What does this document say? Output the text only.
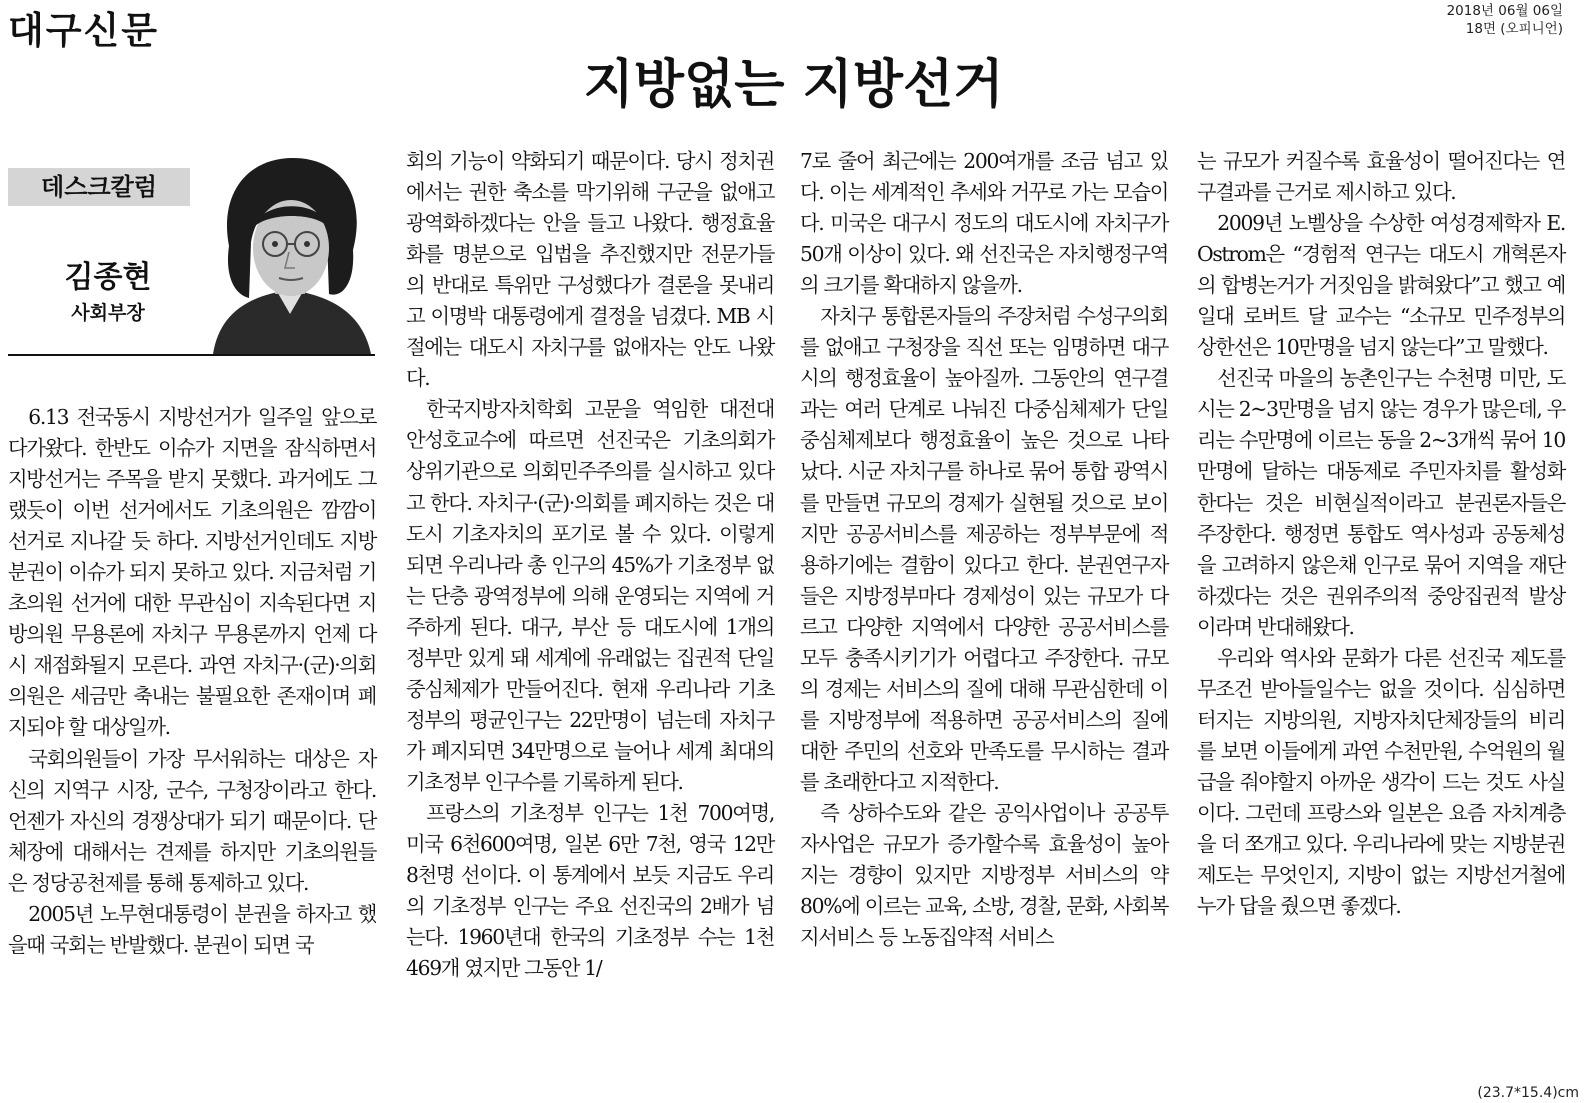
대구신문	2018년 06월 06일
18면 (오피니언)
지방없는 지방선거
데스크칼럼
김종현
사회부장

6.13 전국동시 지방선거가 일주일 앞으로 다가왔다. 한반도 이슈가 지면을 잠식하면서 지방선거는 주목을 받지 못했다. 과거에도 그랬듯이 이번 선거에서도 기초의원은 깜깜이 선거로 지나갈 듯 하다. 지방선거인데도 지방분권이 이슈가 되지 못하고 있다. 지금처럼 기초의원 선거에 대한 무관심이 지속된다면 지방의원 무용론에 자치구 무용론까지 언제 다시 재점화될지 모른다. 과연 자치구·(군)·의회 의원은 세금만 축내는 불필요한 존재이며 폐지되야 할 대상일까.

국회의원들이 가장 무서워하는 대상은 자신의 지역구 시장, 군수, 구청장이라고 한다. 언젠가 자신의 경쟁상대가 되기 때문이다. 단체장에 대해서는 견제를 하지만 기초의원들은 정당공천제를 통해 통제하고 있다.

2005년 노무현대통령이 분권을 하자고 했을때 국회는 반발했다. 분권이 되면 국

회의 기능이 약화되기 때문이다. 당시 정치권에서는 권한 축소를 막기위해 구군을 없애고 광역화하겠다는 안을 들고 나왔다. 행정효율화를 명분으로 입법을 추진했지만 전문가들의 반대로 특위만 구성했다가 결론을 못내리고 이명박 대통령에게 결정을 넘겼다. MB 시절에는 대도시 자치구를 없애자는 안도 나왔다.

한국지방자치학회 고문을 역임한 대전대 안성호교수에 따르면 선진국은 기초의회가 상위기관으로 의회민주주의를 실시하고 있다고 한다. 자치구·(군)·의회를 폐지하는 것은 대도시 기초자치의 포기로 볼 수 있다. 이렇게 되면 우리나라 총 인구의 45%가 기초정부 없는 단층 광역정부에 의해 운영되는 지역에 거주하게 된다. 대구, 부산 등 대도시에 1개의 정부만 있게 돼 세계에 유래없는 집권적 단일중심체제가 만들어진다. 현재 우리나라 기초정부의 평균인구는 22만명이 넘는데 자치구가 폐지되면 34만명으로 늘어나 세계 최대의 기초정부 인구수를 기록하게 된다.

프랑스의 기초정부 인구는 1천 700여명, 미국 6천600여명, 일본 6만 7천, 영국 12만 8천명 선이다. 이 통계에서 보듯 지금도 우리의 기초정부 인구는 주요 선진국의 2배가 넘는다. 1960년대 한국의 기초정부 수는 1천469개 였지만 그동안 1/

7로 줄어 최근에는 200여개를 조금 넘고 있다. 이는 세계적인 추세와 거꾸로 가는 모습이다. 미국은 대구시 정도의 대도시에 자치구가 50개 이상이 있다. 왜 선진국은 자치행정구역의 크기를 확대하지 않을까.

자치구 통합론자들의 주장처럼 수성구의회를 없애고 구청장을 직선 또는 임명하면 대구시의 행정효율이 높아질까. 그동안의 연구결과는 여러 단계로 나눠진 다중심체제가 단일중심체제보다 행정효율이 높은 것으로 나타났다. 시군 자치구를 하나로 묶어 통합 광역시를 만들면 규모의 경제가 실현될 것으로 보이지만 공공서비스를 제공하는 정부부문에 적용하기에는 결함이 있다고 한다. 분권연구자들은 지방정부마다 경제성이 있는 규모가 다르고 다양한 지역에서 다양한 공공서비스를 모두 충족시키기가 어렵다고 주장한다. 규모의 경제는 서비스의 질에 대해 무관심한데 이를 지방정부에 적용하면 공공서비스의 질에 대한 주민의 선호와 만족도를 무시하는 결과를 초래한다고 지적한다.

즉 상하수도와 같은 공익사업이나 공공투자사업은 규모가 증가할수록 효율성이 높아지는 경향이 있지만 지방정부 서비스의 약 80%에 이르는 교육, 소방, 경찰, 문화, 사회복지서비스 등 노동집약적 서비스

는 규모가 커질수록 효율성이 떨어진다는 연구결과를 근거로 제시하고 있다.

2009년 노벨상을 수상한 여성경제학자 E. Ostrom은 “경험적 연구는 대도시 개혁론자의 합병논거가 거짓임을 밝혀왔다”고 했고 예일대 로버트 달 교수는 “소규모 민주정부의 상한선은 10만명을 넘지 않는다”고 말했다.

선진국 마을의 농촌인구는 수천명 미만, 도시는 2~3만명을 넘지 않는 경우가 많은데, 우리는 수만명에 이르는 동을 2~3개씩 묶어 10만명에 달하는 대동제로 주민자치를 활성화한다는 것은 비현실적이라고 분권론자들은 주장한다. 행정면 통합도 역사성과 공동체성을 고려하지 않은채 인구로 묶어 지역을 재단하겠다는 것은 권위주의적 중앙집권적 발상이라며 반대해왔다.

우리와 역사와 문화가 다른 선진국 제도를 무조건 받아들일수는 없을 것이다. 심심하면 터지는 지방의원, 지방자치단체장들의 비리를 보면 이들에게 과연 수천만원, 수억원의 월급을 줘야할지 아까운 생각이 드는 것도 사실이다. 그런데 프랑스와 일본은 요즘 자치계층을 더 쪼개고 있다. 우리나라에 맞는 지방분권 제도는 무엇인지, 지방이 없는 지방선거철에 누가 답을 줬으면 좋겠다.

(23.7*15.4)cm
